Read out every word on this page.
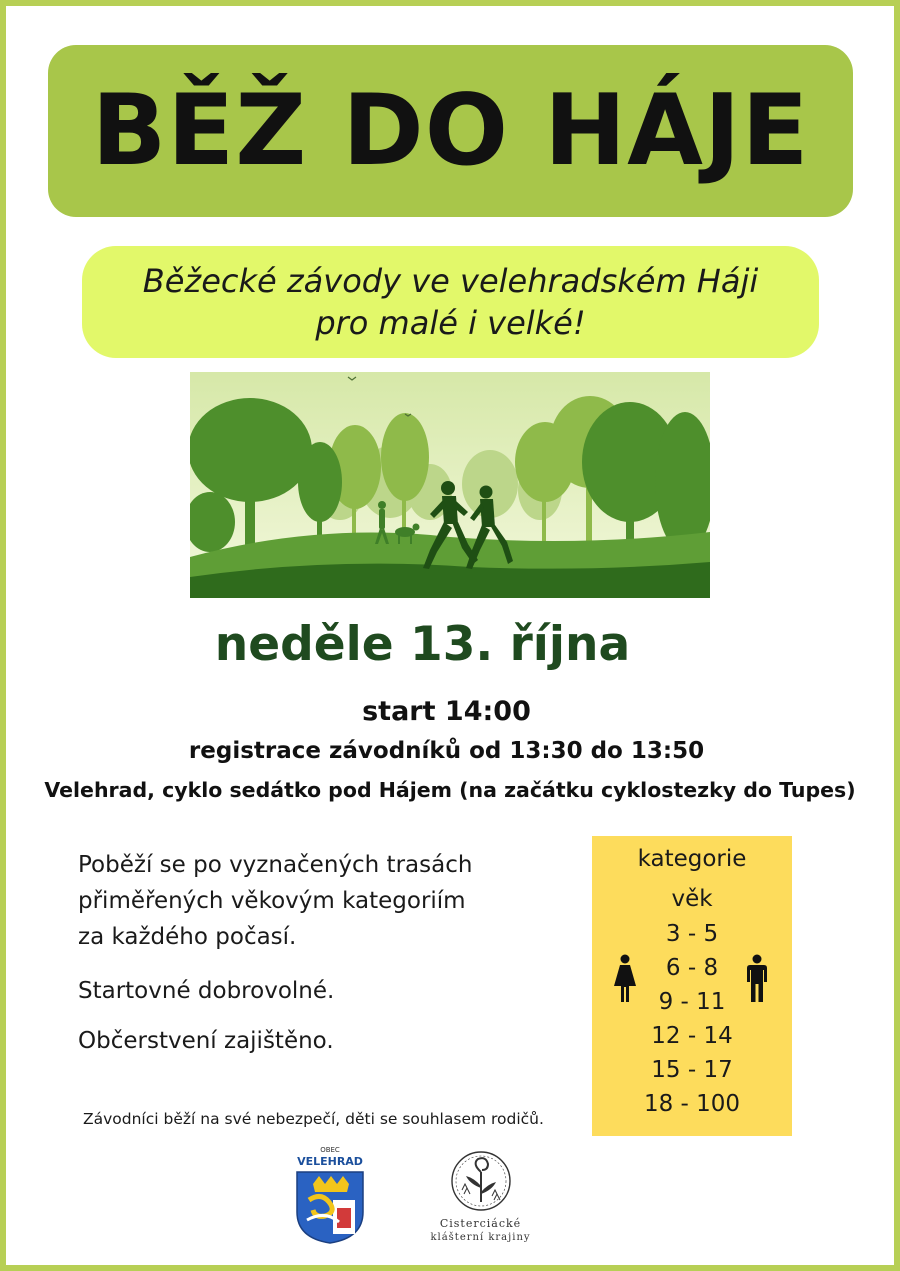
BĚŽ DO HÁJE
Běžecké závody ve velehradském Háji
pro malé i velké!
neděle 13. října
start 14:00
registrace závodníků od 13:30 do 13:50
Velehrad, cyklo sedátko pod Hájem (na začátku cyklostezky do Tupes)
Poběží se po vyznačených trasách
přiměřených věkovým kategoriím
za každého počasí.
Startovné dobrovolné.
Občerstvení zajištěno.
kategorie
věk
3 - 5
6 - 8
9 - 11
12 - 14
15 - 17
18 - 100
Závodníci běží na své nebezpečí, děti se souhlasem rodičů.
OBEC
VELEHRAD
Cisterciácké
klášterní krajiny
